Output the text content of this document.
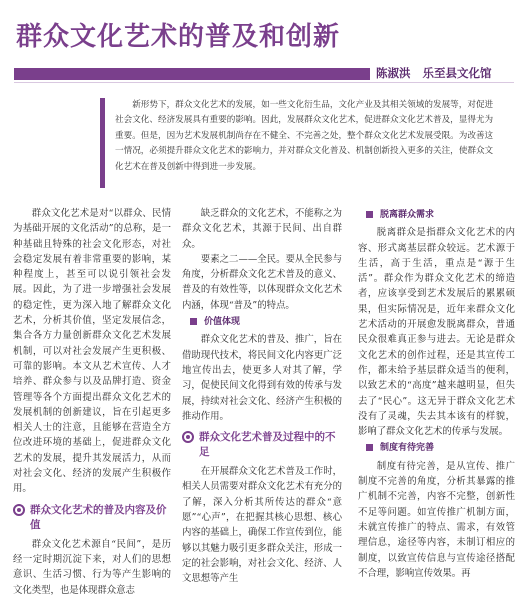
群众文化艺术的普及和创新
陈淑洪 乐至县文化馆
新形势下，群众文化艺术的发展，如一些文化衍生品，文化产业及其相关领域的发展等，对促进社会文化、经济发展具有重要的影响。因此，发展群众文化艺术，促进群众文化艺术普及，显得尤为重要。但是，因为艺术发展机制尚存在不健全、不完善之处，整个群众文化艺术发展受限。为改善这一情况，必须提升群众文化艺术的影响力，并对群众文化普及、机制创新投入更多的关注，使群众文化艺术在普及创新中得到进一步发展。

群众文化艺术是对“以群众、民情为基础开展的文化活动”的总称，是一种基础且特殊的社会文化形态，对社会稳定发展有着非常重要的影响，某种程度上，甚至可以说引领社会发展。因此，为了进一步增强社会发展的稳定性，更为深入地了解群众文化艺术，分析其价值，坚定发展信念，集合各方力量创新群众文化艺术发展机制，可以对社会发展产生更积极、可靠的影响。本文从艺术宣传、人才培养、群众参与以及品牌打造、资金管理等各个方面提出群众文化艺术的发展机制的创新建议，旨在引起更多相关人士的注意，且能够在营造全方位改进环境的基础上，促进群众文化艺术的发展，提升其发展活力，从而对社会文化、经济的发展产生积极作用。

群众文化艺术的普及内容及价值

群众文化艺术源自“民间”，是历经一定时期沉淀下来，对人们的思想意识、生活习惯、行为等产生影响的文化类型，也是体现群众意志

缺乏群众的文化艺术，不能称之为群众文化艺术，其源于民间、出自群众。

要素之二——全民。要从全民参与角度，分析群众文化艺术普及的意义、普及的有效性等，以体现群众文化艺术内涵，体现“普及”的特点。

价值体现

群众文化艺术的普及、推广，旨在借助现代技术，将民间文化内容更广泛地宣传出去，使更多人对其了解，学习，促使民间文化得到有效的传承与发展，持续对社会文化、经济产生积极的推动作用。

群众文化艺术普及过程中的不足

在开展群众文化艺术普及工作时，相关人员需要对群众文化艺术有充分的了解，深入分析其所传达的群众“意愿”“心声”，在把握其核心思想、核心内容的基础上，确保工作宣传到位，能够以其魅力吸引更多群众关注，形成一定的社会影响，对社会文化、经济、人文思想等产生

脱离群众需求

脱离群众是指群众文化艺术的内容、形式离基层群众较远。艺术源于生活，高于生活，重点是“源于生活”。群众作为群众文化艺术的缔造者，应该享受到艺术发展后的累累硕果，但实际情况是，近年来群众文化艺术活动的开展愈发脱离群众，普通民众很难真正参与进去。无论是群众文化艺术的创作过程，还是其宣传工作，都未给予基层群众适当的便利，以致艺术的“高度”越来越明显，但失去了“民心”。这无异于群众文化艺术没有了灵魂，失去其本该有的样貌，影响了群众文化艺术的传承与发展。

制度有待完善

制度有待完善，是从宣传、推广制度不完善的角度，分析其暴露的推广机制不完善，内容不完整，创新性不足等问题。如宣传推广机制方面，未就宣传推广的特点、需求，有效管理信息，途径等内容，未制订相应的制度，以致宣传信息与宣传途径搭配不合理，影响宣传效果。再
